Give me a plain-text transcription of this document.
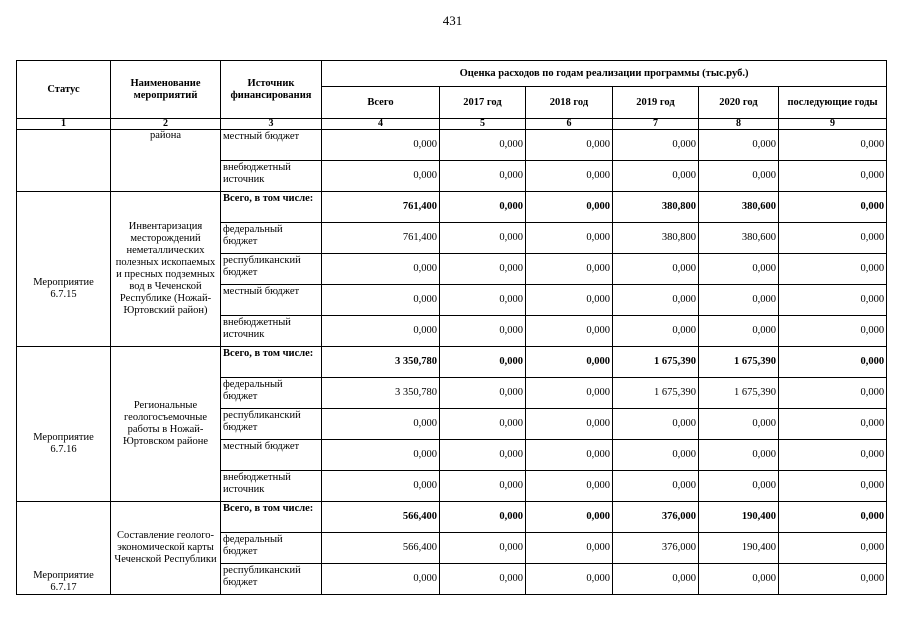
431
Статус	Наименование мероприятий	Источник финансирования	Оценка расходов по годам реализации программы (тыс.руб.)					
			Всего	2017 год	2018 год	2019 год	2020 год	последующие годы
1	2	3	4	5	6	7	8	9
	района	местный бюджет	0,000	0,000	0,000	0,000	0,000	0,000
		внебюджетный источник	0,000	0,000	0,000	0,000	0,000	0,000
Мероприятие 6.7.15	Инвентаризация месторождений неметаллических полезных ископаемых и пресных подземных вод в Чеченской Республике (Ножай-Юртовский район)	Всего, в том числе:	761,400	0,000	0,000	380,800	380,600	0,000
		федеральный бюджет	761,400	0,000	0,000	380,800	380,600	0,000
		республиканский бюджет	0,000	0,000	0,000	0,000	0,000	0,000
		местный бюджет	0,000	0,000	0,000	0,000	0,000	0,000
		внебюджетный источник	0,000	0,000	0,000	0,000	0,000	0,000
Мероприятие 6.7.16	Региональные геологосъемочные работы в Ножай-Юртовском районе	Всего, в том числе:	3 350,780	0,000	0,000	1 675,390	1 675,390	0,000
		федеральный бюджет	3 350,780	0,000	0,000	1 675,390	1 675,390	0,000
		республиканский бюджет	0,000	0,000	0,000	0,000	0,000	0,000
		местный бюджет	0,000	0,000	0,000	0,000	0,000	0,000
		внебюджетный источник	0,000	0,000	0,000	0,000	0,000	0,000
Мероприятие 6.7.17	Составление геолого-экономической карты Чеченской Республики	Всего, в том числе:	566,400	0,000	0,000	376,000	190,400	0,000
		федеральный бюджет	566,400	0,000	0,000	376,000	190,400	0,000
		республиканский бюджет	0,000	0,000	0,000	0,000	0,000	0,000
